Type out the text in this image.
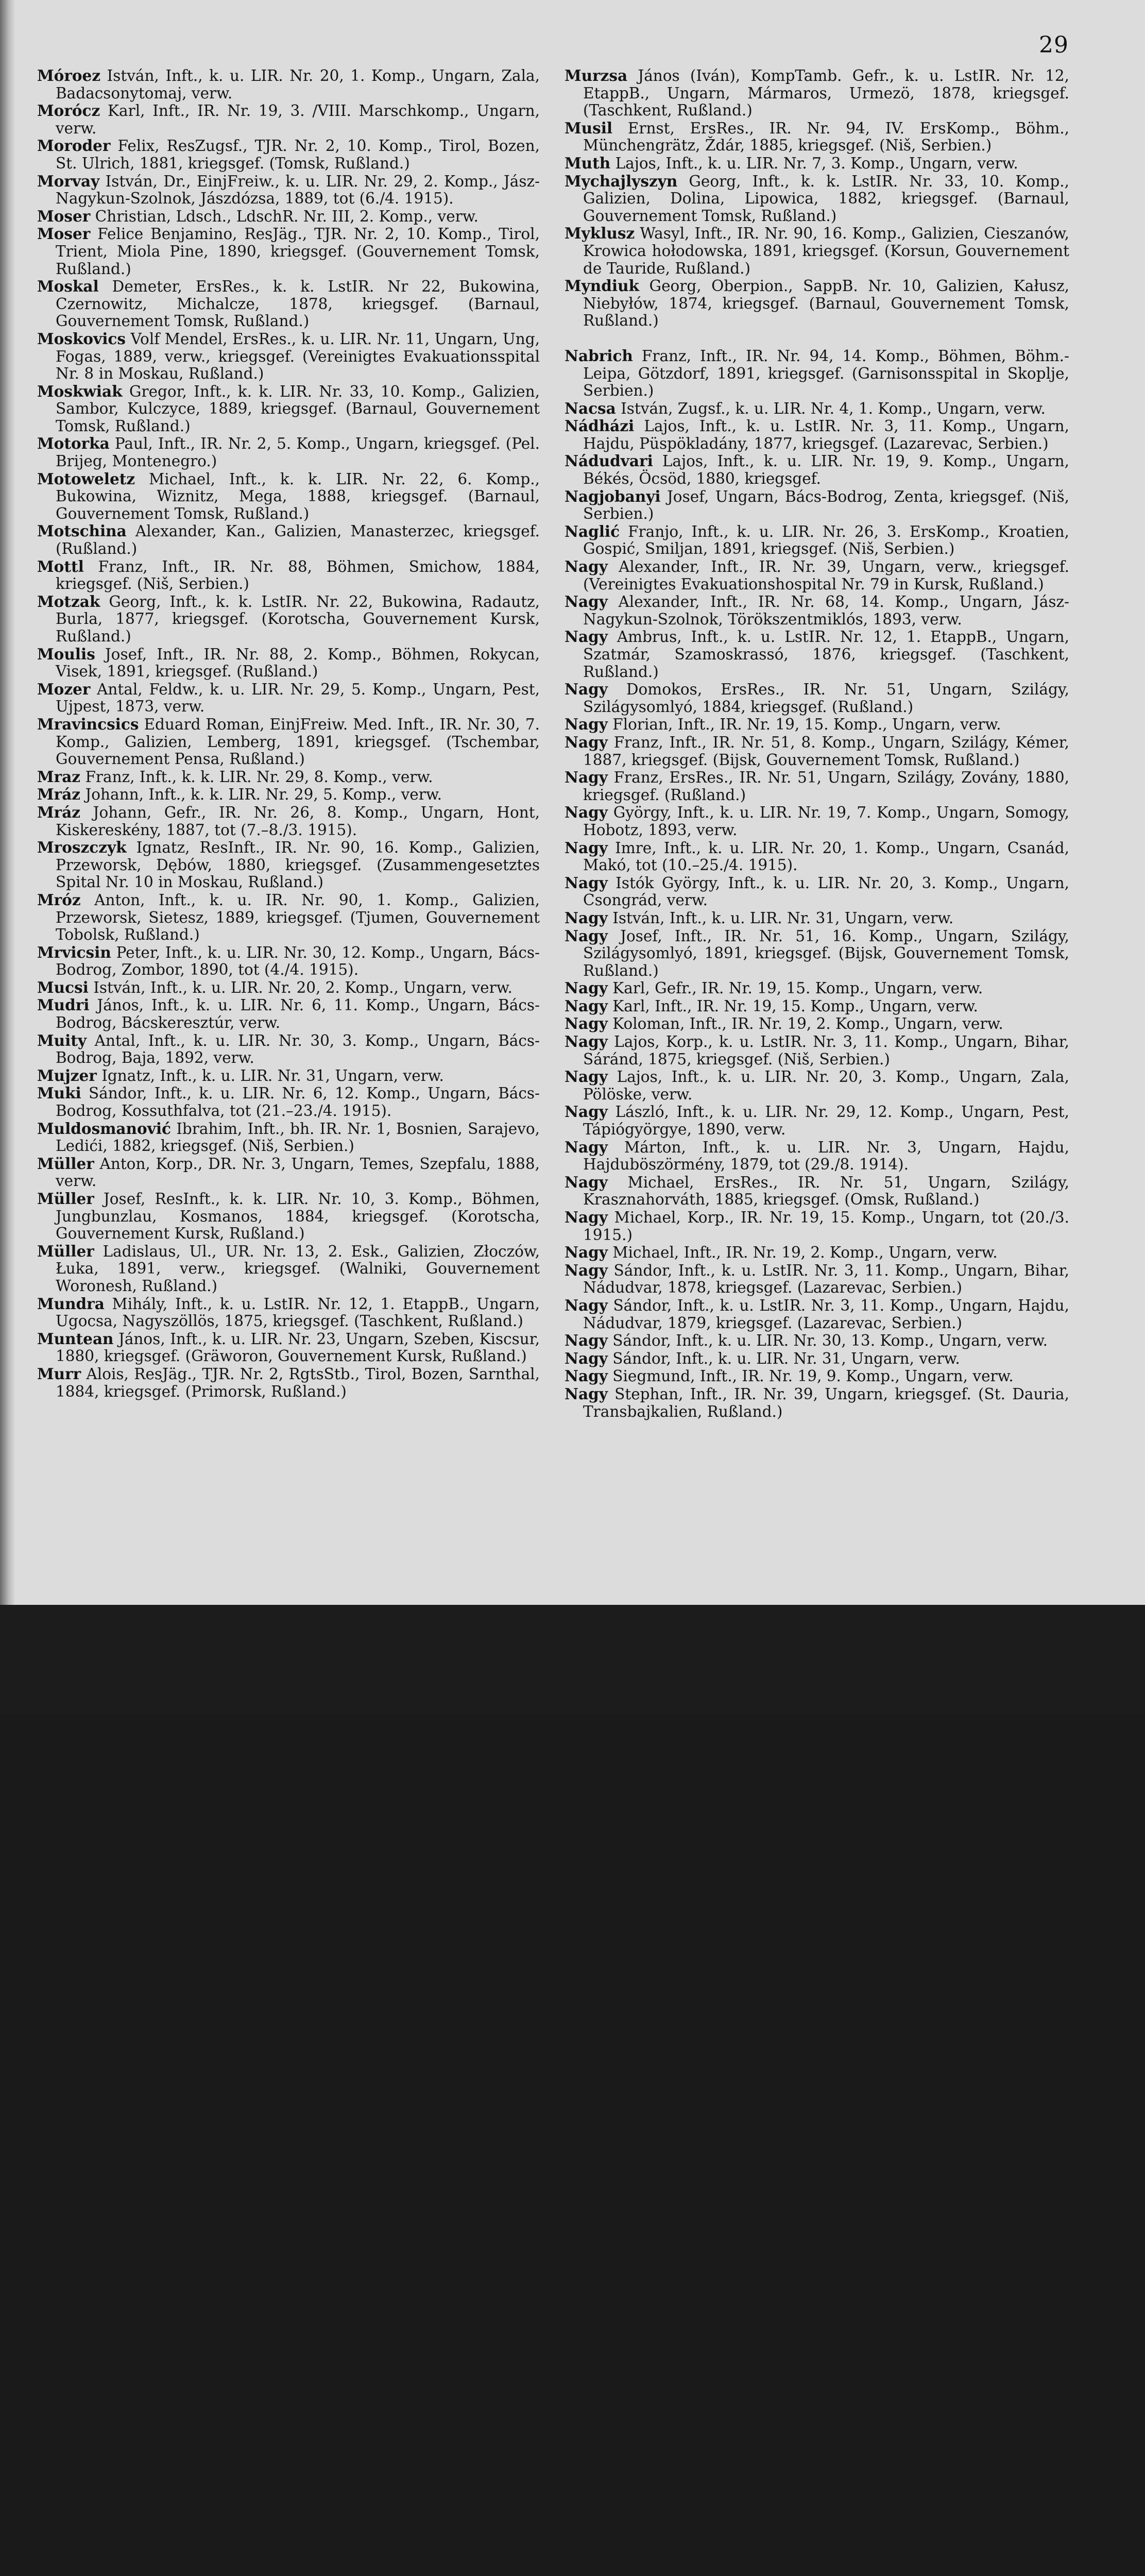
29

Móroez István, Inft., k. u. LIR. Nr. 20, 1. Komp., Ungarn, Zala, Badacsonytomaj, verw.

Morócz Karl, Inft., IR. Nr. 19, 3. /VIII. Marschkomp., Ungarn, verw.

Moroder Felix, ResZugsf., TJR. Nr. 2, 10. Komp., Tirol, Bozen, St. Ulrich, 1881, kriegsgef. (Tomsk, Rußland.)

Morvay István, Dr., EinjFreiw., k. u. LIR. Nr. 29, 2. Komp., Jász-Nagykun-Szolnok, Jászdózsa, 1889, tot (6./4. 1915).

Moser Christian, Ldsch., LdschR. Nr. III, 2. Komp., verw.

Moser Felice Benjamino, ResJäg., TJR. Nr. 2, 10. Komp., Tirol, Trient, Miola Pine, 1890, kriegsgef. (Gouvernement Tomsk, Rußland.)

Moskal Demeter, ErsRes., k. k. LstIR. Nr 22, Bukowina, Czernowitz, Michalcze, 1878, kriegsgef. (Barnaul, Gouvernement Tomsk, Rußland.)

Moskovics Volf Mendel, ErsRes., k. u. LIR. Nr. 11, Ungarn, Ung, Fogas, 1889, verw., kriegsgef. (Vereinigtes Evakuationsspital Nr. 8 in Moskau, Rußland.)

Moskwiak Gregor, Inft., k. k. LIR. Nr. 33, 10. Komp., Galizien, Sambor, Kulczyce, 1889, kriegsgef. (Barnaul, Gouvernement Tomsk, Rußland.)

Motorka Paul, Inft., IR. Nr. 2, 5. Komp., Ungarn, kriegsgef. (Pel. Brijeg, Montenegro.)

Motoweletz Michael, Inft., k. k. LIR. Nr. 22, 6. Komp., Bukowina, Wiznitz, Mega, 1888, kriegsgef. (Barnaul, Gouvernement Tomsk, Rußland.)

Motschina Alexander, Kan., Galizien, Manasterzec, kriegsgef. (Rußland.)

Mottl Franz, Inft., IR. Nr. 88, Böhmen, Smichow, 1884, kriegsgef. (Niš, Serbien.)

Motzak Georg, Inft., k. k. LstIR. Nr. 22, Bukowina, Radautz, Burla, 1877, kriegsgef. (Korotscha, Gouvernement Kursk, Rußland.)

Moulis Josef, Inft., IR. Nr. 88, 2. Komp., Böhmen, Rokycan, Visek, 1891, kriegsgef. (Rußland.)

Mozer Antal, Feldw., k. u. LIR. Nr. 29, 5. Komp., Ungarn, Pest, Ujpest, 1873, verw.

Mravincsics Eduard Roman, EinjFreiw. Med. Inft., IR. Nr. 30, 7. Komp., Galizien, Lemberg, 1891, kriegsgef. (Tschembar, Gouvernement Pensa, Rußland.)

Mraz Franz, Inft., k. k. LIR. Nr. 29, 8. Komp., verw.

Mráz Johann, Inft., k. k. LIR. Nr. 29, 5. Komp., verw.

Mráz Johann, Gefr., IR. Nr. 26, 8. Komp., Ungarn, Hont, Kiskereskény, 1887, tot (7.–8./3. 1915).

Mroszczyk Ignatz, ResInft., IR. Nr. 90, 16. Komp., Galizien, Przeworsk, Dębów, 1880, kriegsgef. (Zusammengesetztes Spital Nr. 10 in Moskau, Rußland.)

Mróz Anton, Inft., k. u. IR. Nr. 90, 1. Komp., Galizien, Przeworsk, Sietesz, 1889, kriegsgef. (Tjumen, Gouvernement Tobolsk, Rußland.)

Mrvicsin Peter, Inft., k. u. LIR. Nr. 30, 12. Komp., Ungarn, Bács-Bodrog, Zombor, 1890, tot (4./4. 1915).

Mucsi István, Inft., k. u. LIR. Nr. 20, 2. Komp., Ungarn, verw.

Mudri János, Inft., k. u. LIR. Nr. 6, 11. Komp., Ungarn, Bács-Bodrog, Bácskeresztúr, verw.

Muity Antal, Inft., k. u. LIR. Nr. 30, 3. Komp., Ungarn, Bács-Bodrog, Baja, 1892, verw.

Mujzer Ignatz, Inft., k. u. LIR. Nr. 31, Ungarn, verw.

Muki Sándor, Inft., k. u. LIR. Nr. 6, 12. Komp., Ungarn, Bács-Bodrog, Kossuthfalva, tot (21.–23./4. 1915).

Muldosmanović Ibrahim, Inft., bh. IR. Nr. 1, Bosnien, Sarajevo, Ledići, 1882, kriegsgef. (Niš, Serbien.)

Müller Anton, Korp., DR. Nr. 3, Ungarn, Temes, Szepfalu, 1888, verw.

Müller Josef, ResInft., k. k. LIR. Nr. 10, 3. Komp., Böhmen, Jungbunzlau, Kosmanos, 1884, kriegsgef. (Korotscha, Gouvernement Kursk, Rußland.)

Müller Ladislaus, Ul., UR. Nr. 13, 2. Esk., Galizien, Złoczów, Łuka, 1891, verw., kriegsgef. (Walniki, Gouvernement Woronesh, Rußland.)

Mundra Mihály, Inft., k. u. LstIR. Nr. 12, 1. EtappB., Ungarn, Ugocsa, Nagyszöllös, 1875, kriegsgef. (Taschkent, Rußland.)

Muntean János, Inft., k. u. LIR. Nr. 23, Ungarn, Szeben, Kiscsur, 1880, kriegsgef. (Gräworon, Gouvernement Kursk, Rußland.)

Murr Alois, ResJäg., TJR. Nr. 2, RgtsStb., Tirol, Bozen, Sarnthal, 1884, kriegsgef. (Primorsk, Rußland.)

Murzsa János (Iván), KompTamb. Gefr., k. u. LstIR. Nr. 12, EtappB., Ungarn, Mármaros, Urmezö, 1878, kriegsgef. (Taschkent, Rußland.)

Musil Ernst, ErsRes., IR. Nr. 94, IV. ErsKomp., Böhm., Münchengrätz, Ždár, 1885, kriegsgef. (Niš, Serbien.)

Muth Lajos, Inft., k. u. LIR. Nr. 7, 3. Komp., Ungarn, verw.

Mychajlyszyn Georg, Inft., k. k. LstIR. Nr. 33, 10. Komp., Galizien, Dolina, Lipowica, 1882, kriegsgef. (Barnaul, Gouvernement Tomsk, Rußland.)

Myklusz Wasyl, Inft., IR. Nr. 90, 16. Komp., Galizien, Cieszanów, Krowica hołodowska, 1891, kriegsgef. (Korsun, Gouvernement de Tauride, Rußland.)

Myndiuk Georg, Oberpion., SappB. Nr. 10, Galizien, Kałusz, Niebyłów, 1874, kriegsgef. (Barnaul, Gouvernement Tomsk, Rußland.)

Nabrich Franz, Inft., IR. Nr. 94, 14. Komp., Böhmen, Böhm.-Leipa, Götzdorf, 1891, kriegsgef. (Garnisonsspital in Skoplje, Serbien.)

Nacsa István, Zugsf., k. u. LIR. Nr. 4, 1. Komp., Ungarn, verw.

Nádházi Lajos, Inft., k. u. LstIR. Nr. 3, 11. Komp., Ungarn, Hajdu, Püspökladány, 1877, kriegsgef. (Lazarevac, Serbien.)

Nádudvari Lajos, Inft., k. u. LIR. Nr. 19, 9. Komp., Ungarn, Békés, Öcsöd, 1880, kriegsgef.

Nagjobanyi Josef, Ungarn, Bács-Bodrog, Zenta, kriegsgef. (Niš, Serbien.)

Naglić Franjo, Inft., k. u. LIR. Nr. 26, 3. ErsKomp., Kroatien, Gospić, Smiljan, 1891, kriegsgef. (Niš, Serbien.)

Nagy Alexander, Inft., IR. Nr. 39, Ungarn, verw., kriegsgef. (Vereinigtes Evakuationshospital Nr. 79 in Kursk, Rußland.)

Nagy Alexander, Inft., IR. Nr. 68, 14. Komp., Ungarn, Jász-Nagykun-Szolnok, Törökszentmiklós, 1893, verw.

Nagy Ambrus, Inft., k. u. LstIR. Nr. 12, 1. EtappB., Ungarn, Szatmár, Szamoskrassó, 1876, kriegsgef. (Taschkent, Rußland.)

Nagy Domokos, ErsRes., IR. Nr. 51, Ungarn, Szilágy, Szilágysomlyó, 1884, kriegsgef. (Rußland.)

Nagy Florian, Inft., IR. Nr. 19, 15. Komp., Ungarn, verw.

Nagy Franz, Inft., IR. Nr. 51, 8. Komp., Ungarn, Szilágy, Kémer, 1887, kriegsgef. (Bijsk, Gouvernement Tomsk, Rußland.)

Nagy Franz, ErsRes., IR. Nr. 51, Ungarn, Szilágy, Zovány, 1880, kriegsgef. (Rußland.)

Nagy György, Inft., k. u. LIR. Nr. 19, 7. Komp., Ungarn, Somogy, Hobotz, 1893, verw.

Nagy Imre, Inft., k. u. LIR. Nr. 20, 1. Komp., Ungarn, Csanád, Makó, tot (10.–25./4. 1915).

Nagy Istók György, Inft., k. u. LIR. Nr. 20, 3. Komp., Ungarn, Csongrád, verw.

Nagy István, Inft., k. u. LIR. Nr. 31, Ungarn, verw.

Nagy Josef, Inft., IR. Nr. 51, 16. Komp., Ungarn, Szilágy, Szilágysomlyó, 1891, kriegsgef. (Bijsk, Gouvernement Tomsk, Rußland.)

Nagy Karl, Gefr., IR. Nr. 19, 15. Komp., Ungarn, verw.

Nagy Karl, Inft., IR. Nr. 19, 15. Komp., Ungarn, verw.

Nagy Koloman, Inft., IR. Nr. 19, 2. Komp., Ungarn, verw.

Nagy Lajos, Korp., k. u. LstIR. Nr. 3, 11. Komp., Ungarn, Bihar, Sáránd, 1875, kriegsgef. (Niš, Serbien.)

Nagy Lajos, Inft., k. u. LIR. Nr. 20, 3. Komp., Ungarn, Zala, Pölöske, verw.

Nagy László, Inft., k. u. LIR. Nr. 29, 12. Komp., Ungarn, Pest, Tápiógyörgye, 1890, verw.

Nagy Márton, Inft., k. u. LIR. Nr. 3, Ungarn, Hajdu, Hajduböszörmény, 1879, tot (29./8. 1914).

Nagy Michael, ErsRes., IR. Nr. 51, Ungarn, Szilágy, Krasznahorváth, 1885, kriegsgef. (Omsk, Rußland.)

Nagy Michael, Korp., IR. Nr. 19, 15. Komp., Ungarn, tot (20./3. 1915.)

Nagy Michael, Inft., IR. Nr. 19, 2. Komp., Ungarn, verw.

Nagy Sándor, Inft., k. u. LstIR. Nr. 3, 11. Komp., Ungarn, Bihar, Nádudvar, 1878, kriegsgef. (Lazarevac, Serbien.)

Nagy Sándor, Inft., k. u. LstIR. Nr. 3, 11. Komp., Ungarn, Hajdu, Nádudvar, 1879, kriegsgef. (Lazarevac, Serbien.)

Nagy Sándor, Inft., k. u. LIR. Nr. 30, 13. Komp., Ungarn, verw.

Nagy Sándor, Inft., k. u. LIR. Nr. 31, Ungarn, verw.

Nagy Siegmund, Inft., IR. Nr. 19, 9. Komp., Ungarn, verw.

Nagy Stephan, Inft., IR. Nr. 39, Ungarn, kriegsgef. (St. Dauria, Transbajkalien, Rußland.)
